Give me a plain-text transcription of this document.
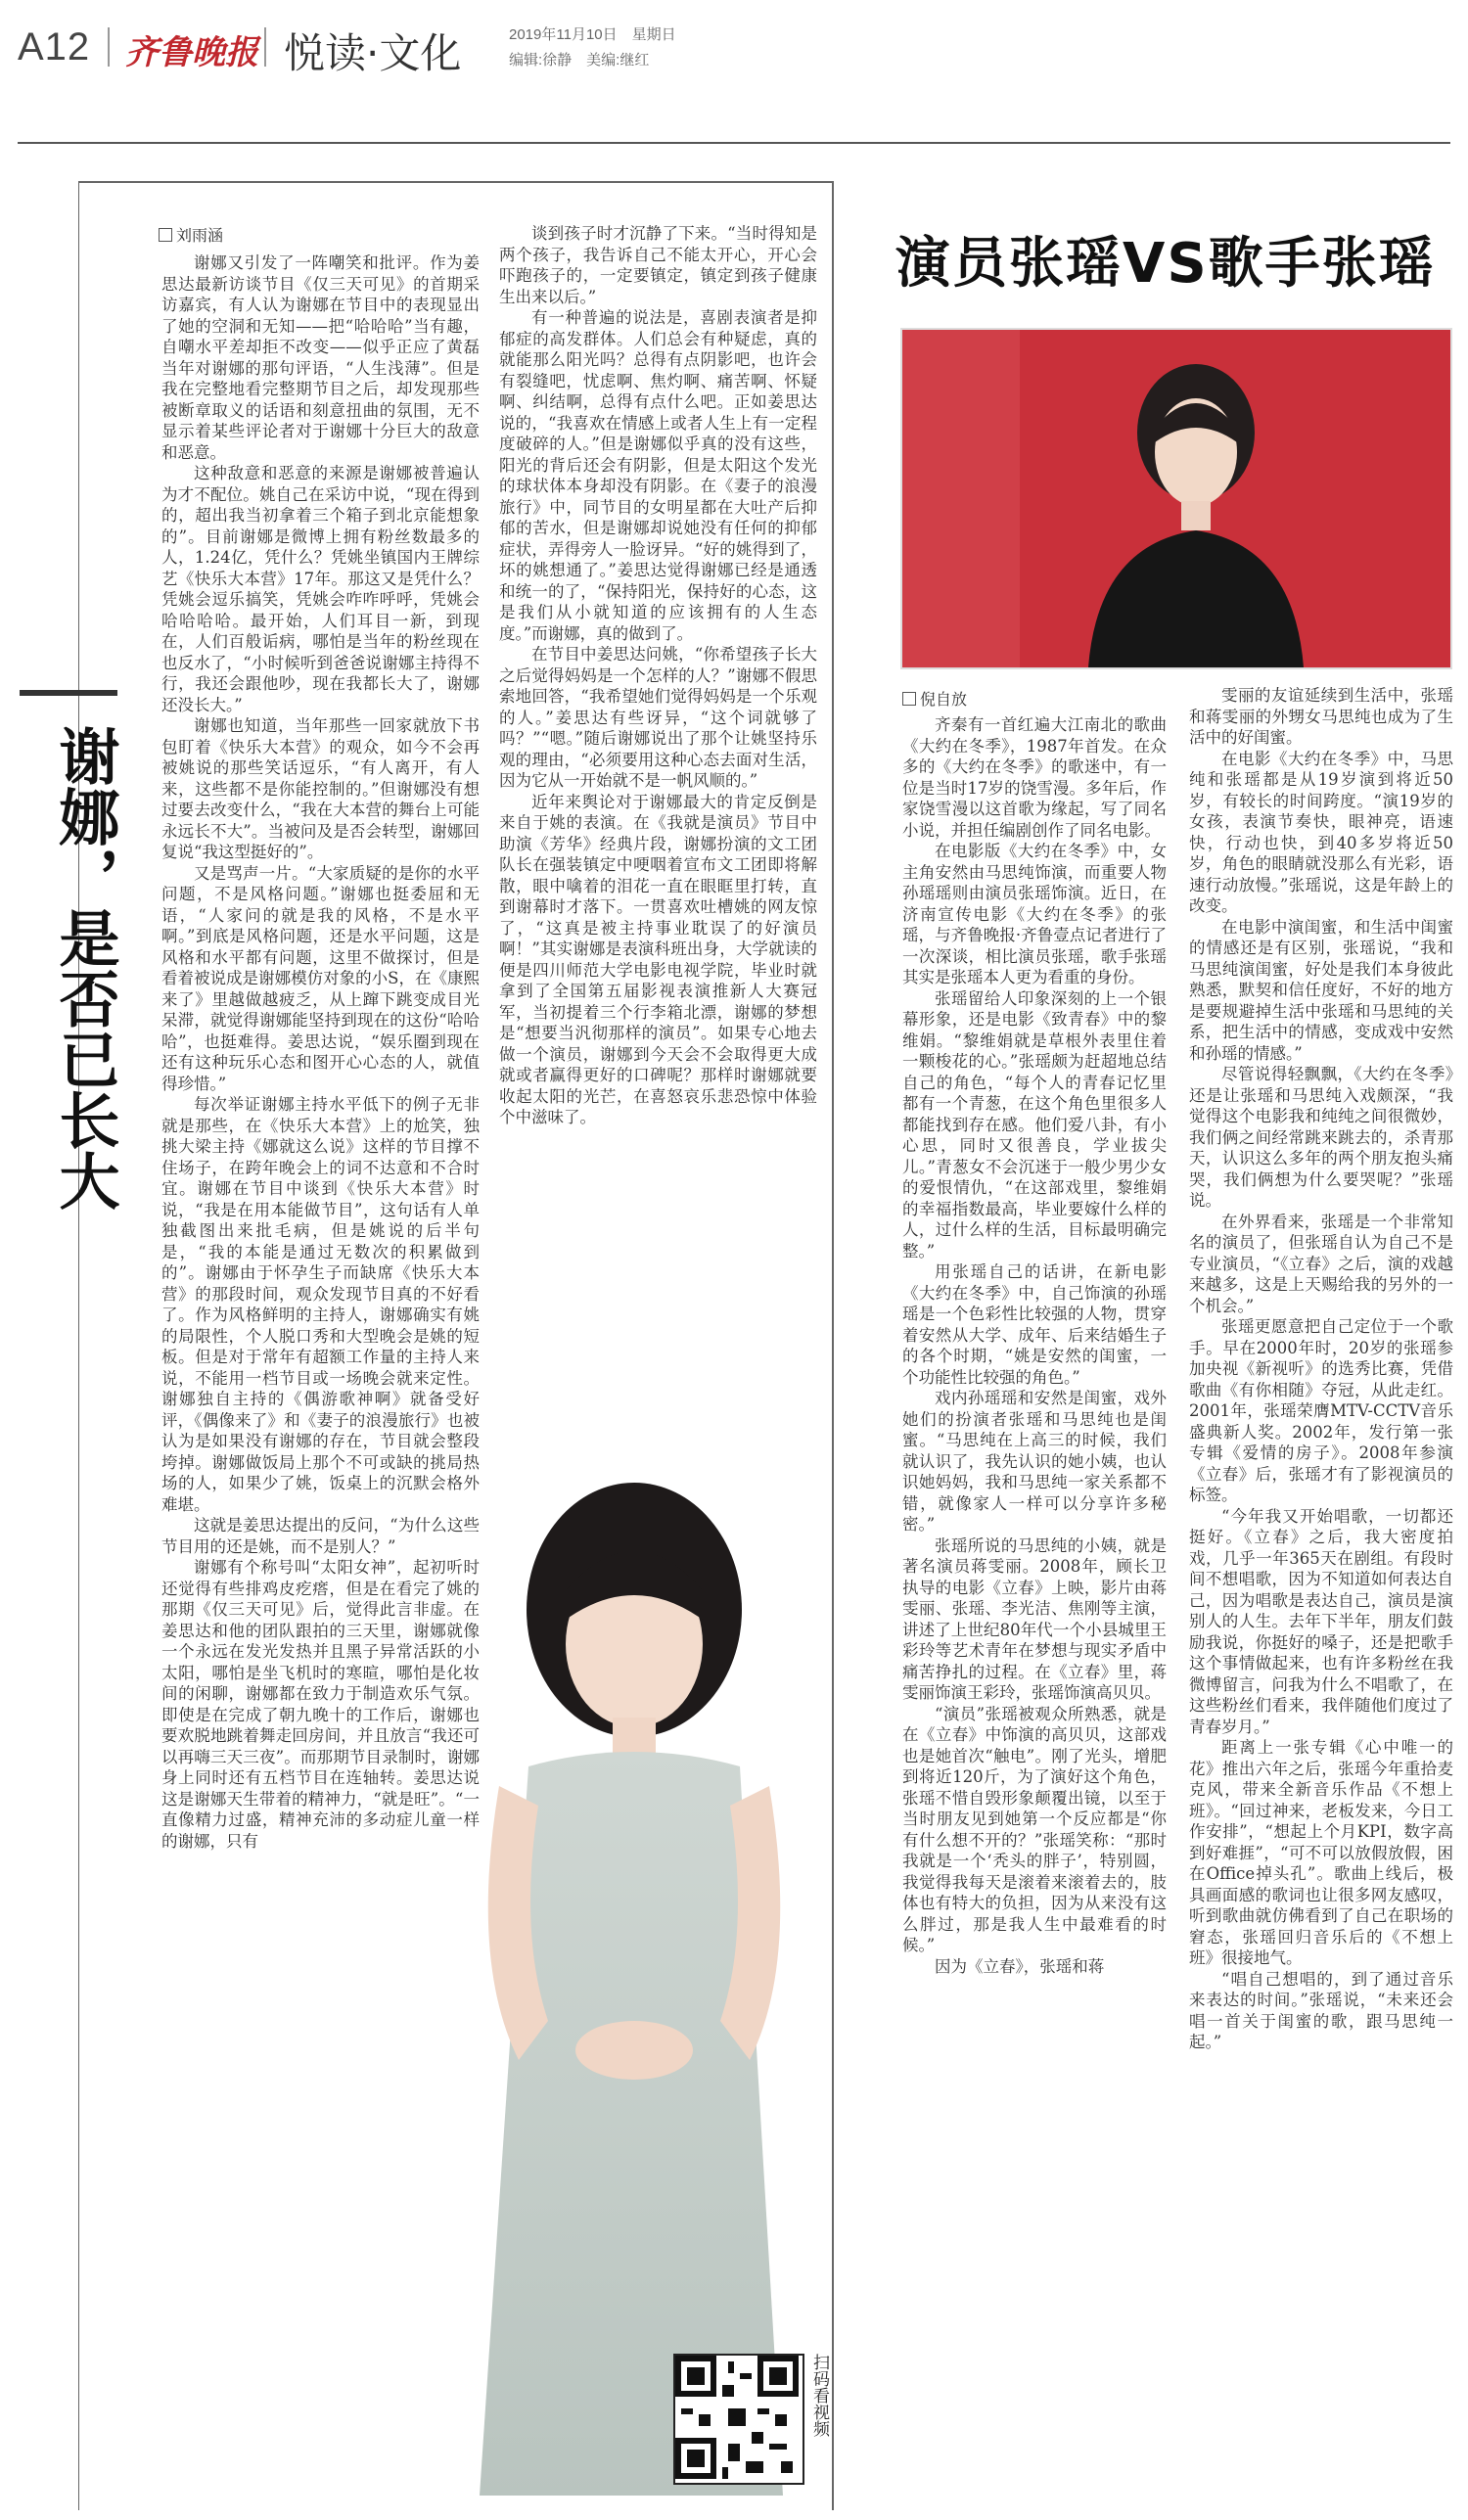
A12 齐鲁晚报 悦读·文化	2019年11月10日　星期日
编辑:徐静　美编:继红
谢娜，是否已长大
刘雨涵

谢娜又引发了一阵嘲笑和批评。作为姜思达最新访谈节目《仅三天可见》的首期采访嘉宾，有人认为谢娜在节目中的表现显出了她的空洞和无知——把“哈哈哈”当有趣，自嘲水平差却拒不改变——似乎正应了黄磊当年对谢娜的那句评语，“人生浅薄”。但是我在完整地看完整期节目之后，却发现那些被断章取义的话语和刻意扭曲的氛围，无不显示着某些评论者对于谢娜十分巨大的敌意和恶意。

这种敌意和恶意的来源是谢娜被普遍认为才不配位。姚自己在采访中说，“现在得到的，超出我当初拿着三个箱子到北京能想象的”。目前谢娜是微博上拥有粉丝数最多的人，1.24亿，凭什么？凭姚坐镇国内王牌综艺《快乐大本营》17年。那这又是凭什么？凭姚会逗乐搞笑，凭姚会咋咋呼呼，凭姚会哈哈哈哈。最开始，人们耳目一新，到现在，人们百般诟病，哪怕是当年的粉丝现在也反水了，“小时候听到爸爸说谢娜主持得不行，我还会跟他吵，现在我都长大了，谢娜还没长大。”

谢娜也知道，当年那些一回家就放下书包盯着《快乐大本营》的观众，如今不会再被姚说的那些笑话逗乐，“有人离开，有人来，这些都不是你能控制的。”但谢娜没有想过要去改变什么，“我在大本营的舞台上可能永远长不大”。当被问及是否会转型，谢娜回复说“我这型挺好的”。

又是骂声一片。“大家质疑的是你的水平问题，不是风格问题。”谢娜也挺委屈和无语，“人家问的就是我的风格，不是水平啊。”到底是风格问题，还是水平问题，这是风格和水平都有问题，这里不做探讨，但是看着被说成是谢娜模仿对象的小S，在《康熙来了》里越做越疲乏，从上蹿下跳变成目光呆滞，就觉得谢娜能坚持到现在的这份“哈哈哈”，也挺难得。姜思达说，“娱乐圈到现在还有这种玩乐心态和图开心心态的人，就值得珍惜。”

每次举证谢娜主持水平低下的例子无非就是那些，在《快乐大本营》上的尬笑，独挑大梁主持《娜就这么说》这样的节目撑不住场子，在跨年晚会上的词不达意和不合时宜。谢娜在节目中谈到《快乐大本营》时说，“我是在用本能做节目”，这句话有人单独截图出来批毛病，但是姚说的后半句是，“我的本能是通过无数次的积累做到的”。谢娜由于怀孕生子而缺席《快乐大本营》的那段时间，观众发现节目真的不好看了。作为风格鲜明的主持人，谢娜确实有姚的局限性，个人脱口秀和大型晚会是姚的短板。但是对于常年有超额工作量的主持人来说，不能用一档节目或一场晚会就来定性。谢娜独自主持的《偶游歌神啊》就备受好评，《偶像来了》和《妻子的浪漫旅行》也被认为是如果没有谢娜的存在，节目就会整段垮掉。谢娜做饭局上那个不可或缺的挑局热场的人，如果少了姚，饭桌上的沉默会格外难堪。

这就是姜思达提出的反问，“为什么这些节目用的还是姚，而不是别人？”

谢娜有个称号叫“太阳女神”，起初听时还觉得有些排鸡皮疙瘩，但是在看完了姚的那期《仅三天可见》后，觉得此言非虚。在姜思达和他的团队跟拍的三天里，谢娜就像一个永远在发光发热并且黑子异常活跃的小太阳，哪怕是坐飞机时的寒暄，哪怕是化妆间的闲聊，谢娜都在致力于制造欢乐气氛。即使是在完成了朝九晚十的工作后，谢娜也要欢脱地跳着舞走回房间，并且放言“我还可以再嗨三天三夜”。而那期节目录制时，谢娜身上同时还有五档节目在连轴转。姜思达说这是谢娜天生带着的精神力，“就是旺”。“一直像精力过盛，精神充沛的多动症儿童一样的谢娜，只有

谈到孩子时才沉静了下来。“当时得知是两个孩子，我告诉自己不能太开心，开心会吓跑孩子的，一定要镇定，镇定到孩子健康生出来以后。”

有一种普遍的说法是，喜剧表演者是抑郁症的高发群体。人们总会有种疑虑，真的就能那么阳光吗？总得有点阴影吧，也许会有裂缝吧，忧虑啊、焦灼啊、痛苦啊、怀疑啊、纠结啊，总得有点什么吧。正如姜思达说的，“我喜欢在情感上或者人生上有一定程度破碎的人。”但是谢娜似乎真的没有这些，阳光的背后还会有阴影，但是太阳这个发光的球状体本身却没有阴影。在《妻子的浪漫旅行》中，同节目的女明星都在大吐产后抑郁的苦水，但是谢娜却说她没有任何的抑郁症状，弄得旁人一脸讶异。“好的姚得到了，坏的姚想通了。”姜思达觉得谢娜已经是通透和统一的了，“保持阳光，保持好的心态，这是我们从小就知道的应该拥有的人生态度。”而谢娜，真的做到了。

在节目中姜思达问姚，“你希望孩子长大之后觉得妈妈是一个怎样的人？”谢娜不假思索地回答，“我希望她们觉得妈妈是一个乐观的人。”姜思达有些讶异，“这个词就够了吗？”“嗯。”随后谢娜说出了那个让姚坚持乐观的理由，“必须要用这种心态去面对生活，因为它从一开始就不是一帆风顺的。”

近年来舆论对于谢娜最大的肯定反倒是来自于姚的表演。在《我就是演员》节目中助演《芳华》经典片段，谢娜扮演的文工团队长在强装镇定中哽咽着宣布文工团即将解散，眼中噙着的泪花一直在眼眶里打转，直到谢幕时才落下。一贯喜欢吐槽姚的网友惊了，“这真是被主持事业耽误了的好演员啊！”其实谢娜是表演科班出身，大学就读的便是四川师范大学电影电视学院，毕业时就拿到了全国第五届影视表演推新人大赛冠军，当初提着三个行李箱北漂，谢娜的梦想是“想要当汎彻那样的演员”。如果专心地去做一个演员，谢娜到今天会不会取得更大成就或者赢得更好的口碑呢？那样时谢娜就要收起太阳的光芒，在喜怒哀乐悲恐惊中体验个中滋味了。

扫码看视频
演员张瑶VS歌手张瑶
倪自放

齐秦有一首红遍大江南北的歌曲《大约在冬季》，1987年首发。在众多的《大约在冬季》的歌迷中，有一位是当时17岁的饶雪漫。多年后，作家饶雪漫以这首歌为缘起，写了同名小说，并担任编剧创作了同名电影。

在电影版《大约在冬季》中，女主角安然由马思纯饰演，而重要人物孙瑶瑶则由演员张瑶饰演。近日，在济南宣传电影《大约在冬季》的张瑶，与齐鲁晚报·齐鲁壹点记者进行了一次深谈，相比演员张瑶，歌手张瑶其实是张瑶本人更为看重的身份。

张瑶留给人印象深刻的上一个银幕形象，还是电影《致青春》中的黎维娟。“黎维娟就是草根外表里住着一颗梭花的心。”张瑶颇为赶超地总结自己的角色，“每个人的青春记忆里都有一个青葱，在这个角色里很多人都能找到存在感。他们爱八卦，有小心思，同时又很善良，学业拔尖儿。”青葱女不会沉迷于一般少男少女的爱恨情仇，“在这部戏里，黎维娟的幸福指数最高，毕业要嫁什么样的人，过什么样的生活，目标最明确完整。”

用张瑶自己的话讲，在新电影《大约在冬季》中，自己饰演的孙瑶瑶是一个色彩性比较强的人物，贯穿着安然从大学、成年、后来结婚生子的各个时期，“姚是安然的闺蜜，一个功能性比较强的角色。”

戏内孙瑶瑶和安然是闺蜜，戏外她们的扮演者张瑶和马思纯也是闺蜜。“马思纯在上高三的时候，我们就认识了，我先认识的她小姨，也认识她妈妈，我和马思纯一家关系都不错，就像家人一样可以分享许多秘密。”

张瑶所说的马思纯的小姨，就是著名演员蒋雯丽。2008年，顾长卫执导的电影《立春》上映，影片由蒋雯丽、张瑶、李光洁、焦刚等主演，讲述了上世纪80年代一个小县城里王彩玲等艺术青年在梦想与现实矛盾中痛苦挣扎的过程。在《立春》里，蒋雯丽饰演王彩玲，张瑶饰演高贝贝。

“演员”张瑶被观众所熟悉，就是在《立春》中饰演的高贝贝，这部戏也是她首次“触电”。刚了光头，增肥到将近120斤，为了演好这个角色，张瑶不惜自毁形象颠覆出镜，以至于当时朋友见到她第一个反应都是“你有什么想不开的？”张瑶笑称：“那时我就是一个‘秃头的胖子’，特别圆，我觉得我每天是滚着来滚着去的，肢体也有特大的负担，因为从来没有这么胖过，那是我人生中最难看的时候。”

因为《立春》，张瑶和蒋

雯丽的友谊延续到生活中，张瑶和蒋雯丽的外甥女马思纯也成为了生活中的好闺蜜。

在电影《大约在冬季》中，马思纯和张瑶都是从19岁演到将近50岁，有较长的时间跨度。“演19岁的女孩，表演节奏快，眼神亮，语速快，行动也快，到40多岁将近50岁，角色的眼睛就没那么有光彩，语速行动放慢。”张瑶说，这是年龄上的改变。

在电影中演闺蜜，和生活中闺蜜的情感还是有区别，张瑶说，“我和马思纯演闺蜜，好处是我们本身彼此熟悉，默契和信任度好，不好的地方是要规避掉生活中张瑶和马思纯的关系，把生活中的情感，变成戏中安然和孙瑶的情感。”

尽管说得轻飘飘，《大约在冬季》还是让张瑶和马思纯入戏颇深，“我觉得这个电影我和纯纯之间很微妙，我们俩之间经常跳来跳去的，杀青那天，认识这么多年的两个朋友抱头痛哭，我们俩想为什么要哭呢？”张瑶说。

在外界看来，张瑶是一个非常知名的演员了，但张瑶自认为自己不是专业演员，“《立春》之后，演的戏越来越多，这是上天赐给我的另外的一个机会。”

张瑶更愿意把自己定位于一个歌手。早在2000年时，20岁的张瑶参加央视《新视听》的选秀比赛，凭借歌曲《有你相随》夺冠，从此走红。2001年，张瑶荣膺MTV-CCTV音乐盛典新人奖。2002年，发行第一张专辑《爱情的房子》。2008年参演《立春》后，张瑶才有了影视演员的标签。

“今年我又开始唱歌，一切都还挺好。《立春》之后，我大密度拍戏，几乎一年365天在剧组。有段时间不想唱歌，因为不知道如何表达自己，因为唱歌是表达自己，演员是演别人的人生。去年下半年，朋友们鼓励我说，你挺好的嗓子，还是把歌手这个事情做起来，也有许多粉丝在我微博留言，问我为什么不唱歌了，在这些粉丝们看来，我伴随他们度过了青春岁月。”

距离上一张专辑《心中唯一的花》推出六年之后，张瑶今年重拾麦克风，带来全新音乐作品《不想上班》。“回过神来，老板发来，今日工作安排”，“想起上个月KPI，数字高到好难捱”，“可不可以放假放假，困在Office掉头孔”。歌曲上线后，极具画面感的歌词也让很多网友感叹，听到歌曲就仿佛看到了自己在职场的窘态，张瑶回归音乐后的《不想上班》很接地气。

“唱自己想唱的，到了通过音乐来表达的时间。”张瑶说，“未来还会唱一首关于闺蜜的歌，跟马思纯一起。”
